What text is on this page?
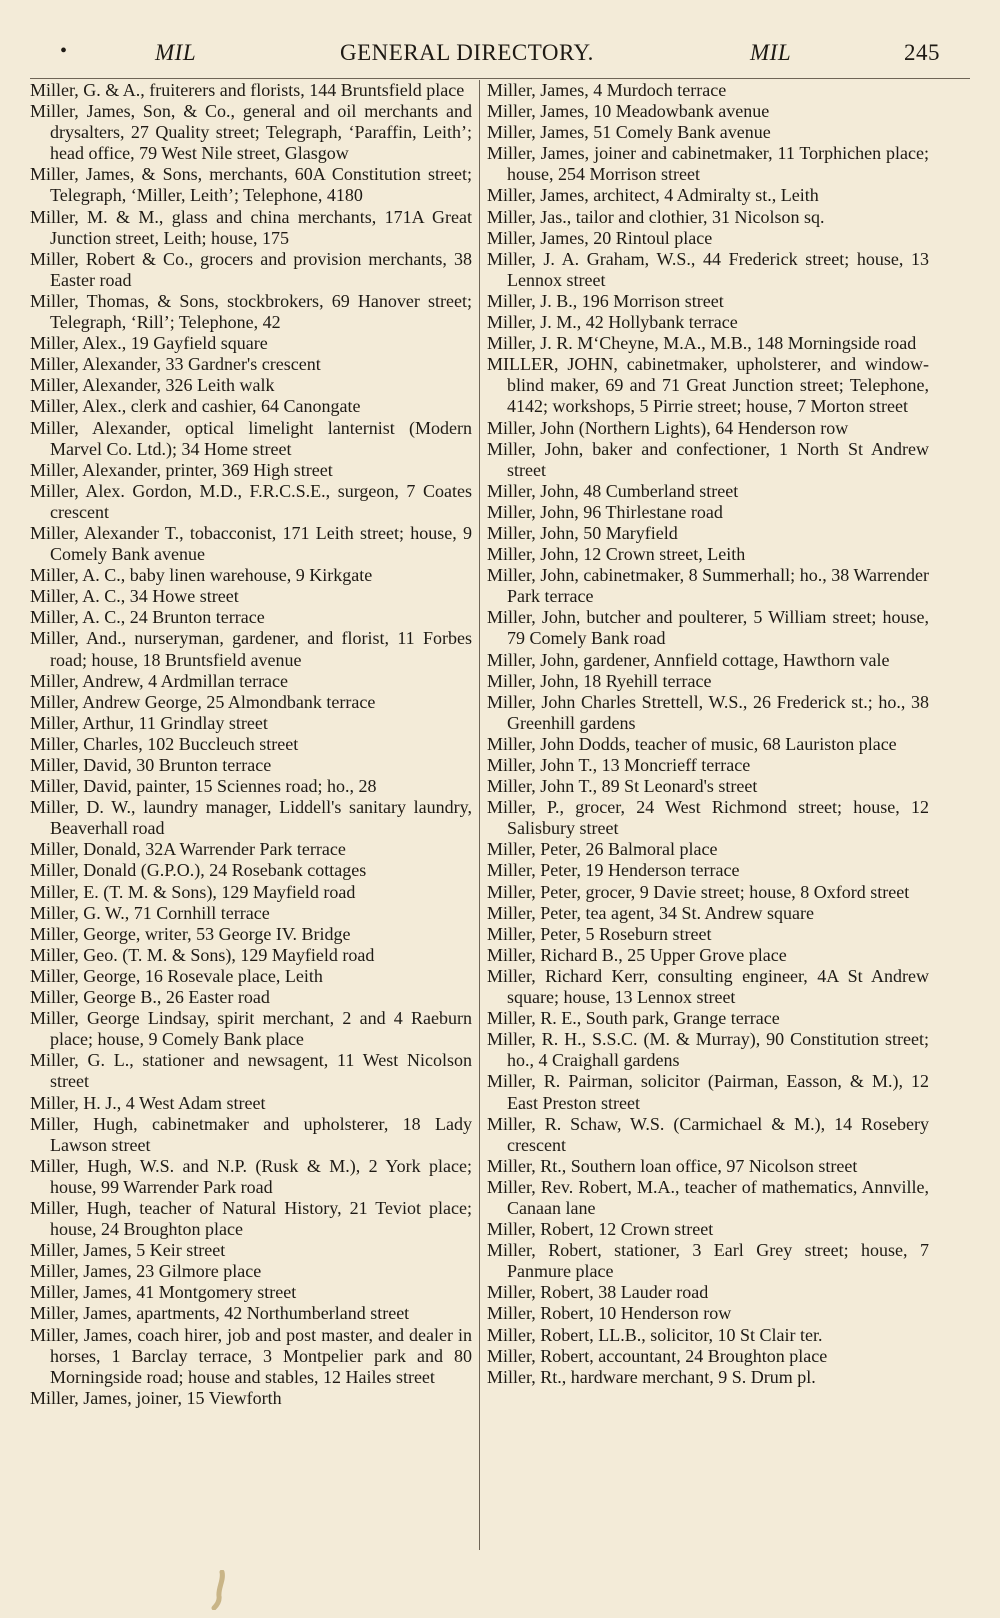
•	MIL	GENERAL DIRECTORY.	MIL	245

Miller, G. & A., fruiterers and florists, 144 Bruntsfield place

Miller, James, Son, & Co., general and oil merchants and drysalters, 27 Quality street; Telegraph, ‘Paraffin, Leith’; head office, 79 West Nile street, Glasgow

Miller, James, & Sons, merchants, 60A Constitution street; Telegraph, ‘Miller, Leith’; Telephone, 4180

Miller, M. & M., glass and china merchants, 171A Great Junction street, Leith; house, 175

Miller, Robert & Co., grocers and provision merchants, 38 Easter road

Miller, Thomas, & Sons, stockbrokers, 69 Hanover street; Telegraph, ‘Rill’; Telephone, 42

Miller, Alex., 19 Gayfield square

Miller, Alexander, 33 Gardner's crescent

Miller, Alexander, 326 Leith walk

Miller, Alex., clerk and cashier, 64 Canongate

Miller, Alexander, optical limelight lanternist (Modern Marvel Co. Ltd.); 34 Home street

Miller, Alexander, printer, 369 High street

Miller, Alex. Gordon, M.D., F.R.C.S.E., surgeon, 7 Coates crescent

Miller, Alexander T., tobacconist, 171 Leith street; house, 9 Comely Bank avenue

Miller, A. C., baby linen warehouse, 9 Kirkgate

Miller, A. C., 34 Howe street

Miller, A. C., 24 Brunton terrace

Miller, And., nurseryman, gardener, and florist, 11 Forbes road; house, 18 Bruntsfield avenue

Miller, Andrew, 4 Ardmillan terrace

Miller, Andrew George, 25 Almondbank terrace

Miller, Arthur, 11 Grindlay street

Miller, Charles, 102 Buccleuch street

Miller, David, 30 Brunton terrace

Miller, David, painter, 15 Sciennes road; ho., 28

Miller, D. W., laundry manager, Liddell's sanitary laundry, Beaverhall road

Miller, Donald, 32A Warrender Park terrace

Miller, Donald (G.P.O.), 24 Rosebank cottages

Miller, E. (T. M. & Sons), 129 Mayfield road

Miller, G. W., 71 Cornhill terrace

Miller, George, writer, 53 George IV. Bridge

Miller, Geo. (T. M. & Sons), 129 Mayfield road

Miller, George, 16 Rosevale place, Leith

Miller, George B., 26 Easter road

Miller, George Lindsay, spirit merchant, 2 and 4 Raeburn place; house, 9 Comely Bank place

Miller, G. L., stationer and newsagent, 11 West Nicolson street

Miller, H. J., 4 West Adam street

Miller, Hugh, cabinetmaker and upholsterer, 18 Lady Lawson street

Miller, Hugh, W.S. and N.P. (Rusk & M.), 2 York place; house, 99 Warrender Park road

Miller, Hugh, teacher of Natural History, 21 Teviot place; house, 24 Broughton place

Miller, James, 5 Keir street

Miller, James, 23 Gilmore place

Miller, James, 41 Montgomery street

Miller, James, apartments, 42 Northumberland street

Miller, James, coach hirer, job and post master, and dealer in horses, 1 Barclay terrace, 3 Montpelier park and 80 Morningside road; house and stables, 12 Hailes street

Miller, James, joiner, 15 Viewforth

Miller, James, 4 Murdoch terrace

Miller, James, 10 Meadowbank avenue

Miller, James, 51 Comely Bank avenue

Miller, James, joiner and cabinetmaker, 11 Torphichen place; house, 254 Morrison street

Miller, James, architect, 4 Admiralty st., Leith

Miller, Jas., tailor and clothier, 31 Nicolson sq.

Miller, James, 20 Rintoul place

Miller, J. A. Graham, W.S., 44 Frederick street; house, 13 Lennox street

Miller, J. B., 196 Morrison street

Miller, J. M., 42 Hollybank terrace

Miller, J. R. M‘Cheyne, M.A., M.B., 148 Morningside road

MILLER, JOHN, cabinetmaker, upholsterer, and window-blind maker, 69 and 71 Great Junction street; Telephone, 4142; workshops, 5 Pirrie street; house, 7 Morton street

Miller, John (Northern Lights), 64 Henderson row

Miller, John, baker and confectioner, 1 North St Andrew street

Miller, John, 48 Cumberland street

Miller, John, 96 Thirlestane road

Miller, John, 50 Maryfield

Miller, John, 12 Crown street, Leith

Miller, John, cabinetmaker, 8 Summerhall; ho., 38 Warrender Park terrace

Miller, John, butcher and poulterer, 5 William street; house, 79 Comely Bank road

Miller, John, gardener, Annfield cottage, Hawthorn vale

Miller, John, 18 Ryehill terrace

Miller, John Charles Strettell, W.S., 26 Frederick st.; ho., 38 Greenhill gardens

Miller, John Dodds, teacher of music, 68 Lauriston place

Miller, John T., 13 Moncrieff terrace

Miller, John T., 89 St Leonard's street

Miller, P., grocer, 24 West Richmond street; house, 12 Salisbury street

Miller, Peter, 26 Balmoral place

Miller, Peter, 19 Henderson terrace

Miller, Peter, grocer, 9 Davie street; house, 8 Oxford street

Miller, Peter, tea agent, 34 St. Andrew square

Miller, Peter, 5 Roseburn street

Miller, Richard B., 25 Upper Grove place

Miller, Richard Kerr, consulting engineer, 4A St Andrew square; house, 13 Lennox street

Miller, R. E., South park, Grange terrace

Miller, R. H., S.S.C. (M. & Murray), 90 Constitution street; ho., 4 Craighall gardens

Miller, R. Pairman, solicitor (Pairman, Easson, & M.), 12 East Preston street

Miller, R. Schaw, W.S. (Carmichael & M.), 14 Rosebery crescent

Miller, Rt., Southern loan office, 97 Nicolson street

Miller, Rev. Robert, M.A., teacher of mathematics, Annville, Canaan lane

Miller, Robert, 12 Crown street

Miller, Robert, stationer, 3 Earl Grey street; house, 7 Panmure place

Miller, Robert, 38 Lauder road

Miller, Robert, 10 Henderson row

Miller, Robert, LL.B., solicitor, 10 St Clair ter.

Miller, Robert, accountant, 24 Broughton place

Miller, Rt., hardware merchant, 9 S. Drum pl.
